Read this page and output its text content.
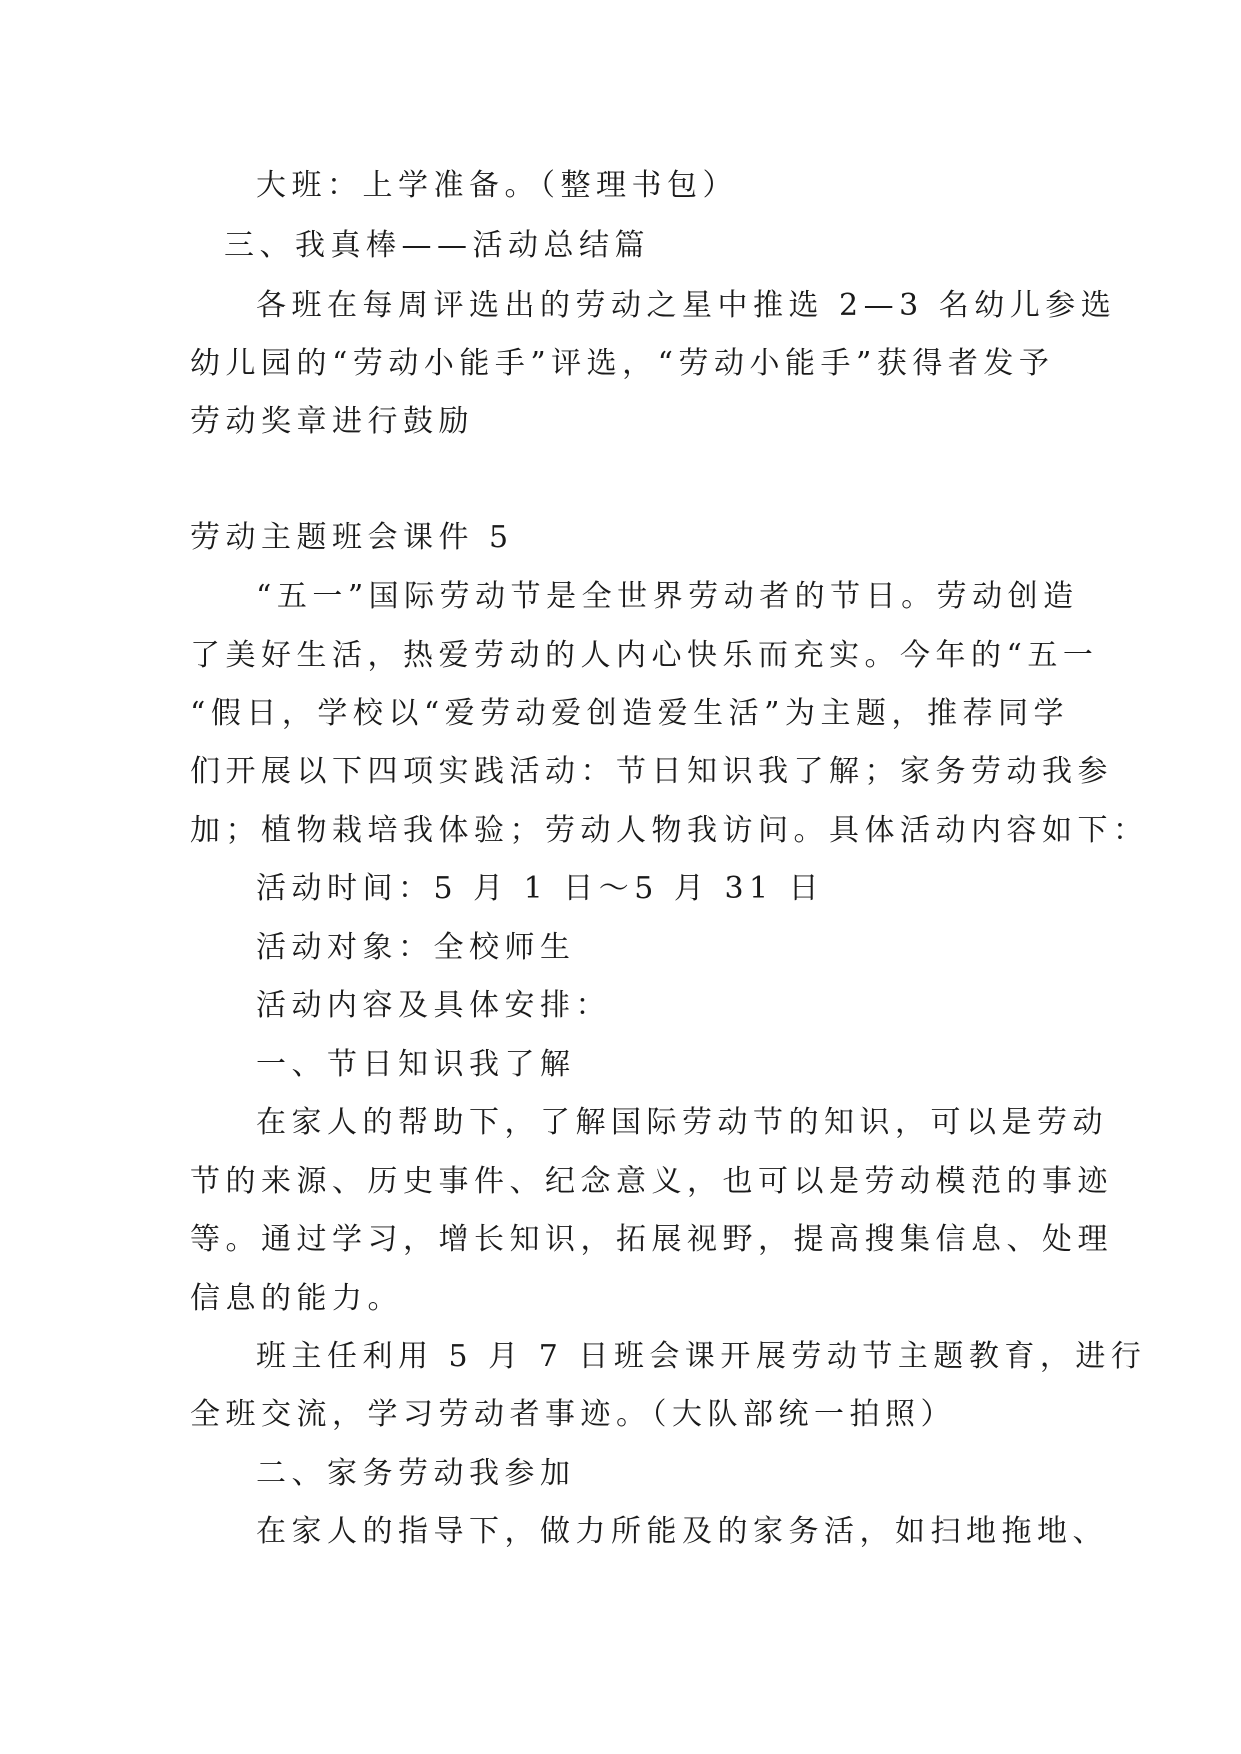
大班：上学准备。（整理书包）
三、我真棒——活动总结篇
各班在每周评选出的劳动之星中推选 2—3 名幼儿参选
幼儿园的“劳动小能手”评选，“劳动小能手”获得者发予
劳动奖章进行鼓励
劳动主题班会课件 5
“五一”国际劳动节是全世界劳动者的节日。劳动创造
了美好生活，热爱劳动的人内心快乐而充实。今年的“五一
“假日，学校以“爱劳动爱创造爱生活”为主题，推荐同学
们开展以下四项实践活动：节日知识我了解；家务劳动我参
加；植物栽培我体验；劳动人物我访问。具体活动内容如下：
活动时间：5 月 1 日～5 月 31 日
活动对象：全校师生
活动内容及具体安排：
一、节日知识我了解
在家人的帮助下，了解国际劳动节的知识，可以是劳动
节的来源、历史事件、纪念意义，也可以是劳动模范的事迹
等。通过学习，增长知识，拓展视野，提高搜集信息、处理
信息的能力。
班主任利用 5 月 7 日班会课开展劳动节主题教育，进行
全班交流，学习劳动者事迹。（大队部统一拍照）
二、家务劳动我参加
在家人的指导下，做力所能及的家务活，如扫地拖地、
